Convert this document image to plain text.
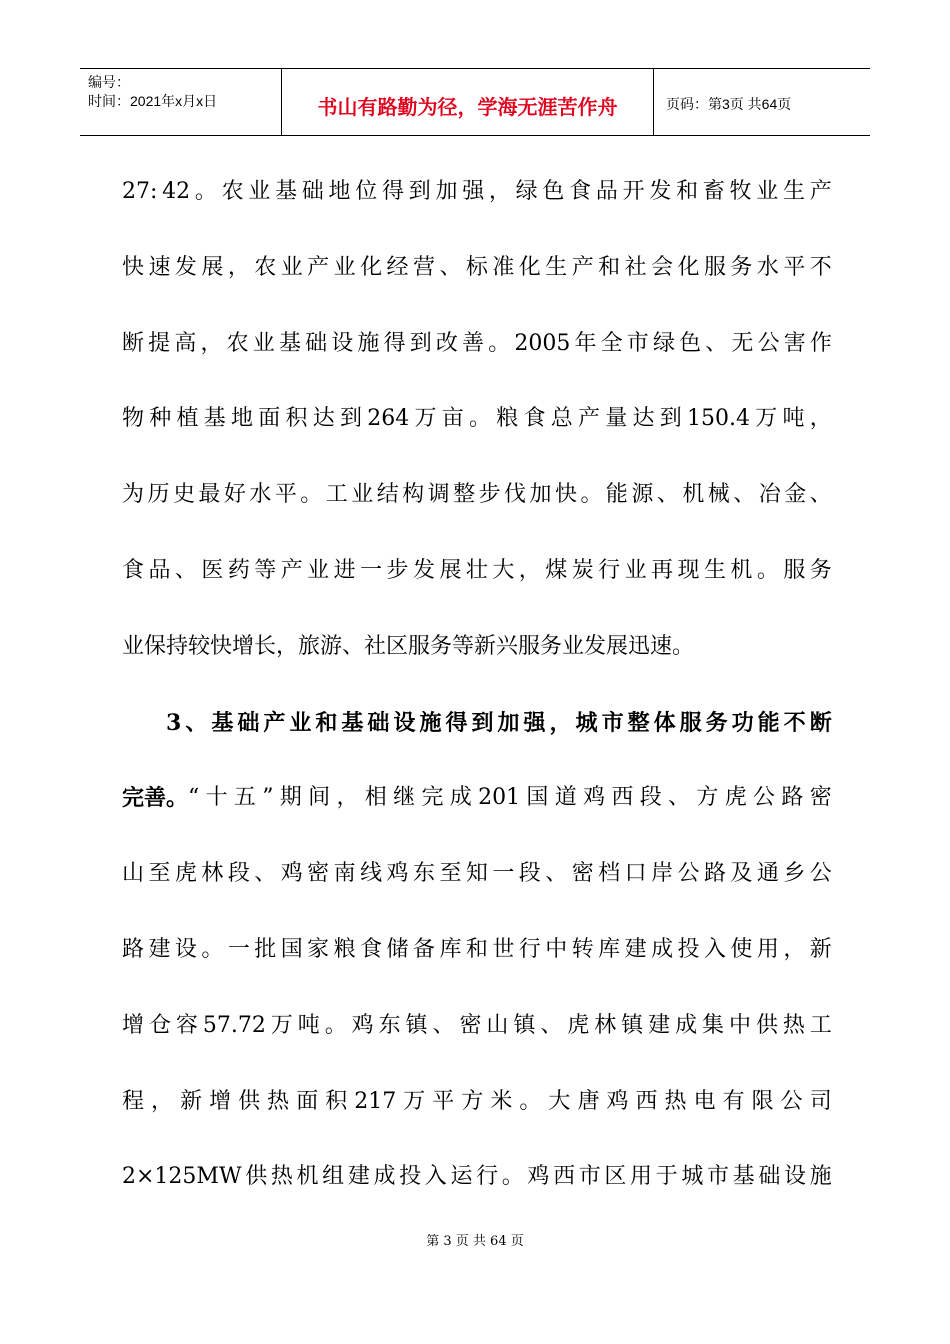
编号：
时间：2021年x月x日	书山有路勤为径，学海无涯苦作舟	页码：第3页 共64页
27: 42 。 农 业 基 础 地 位 得 到 加 强 ， 绿 色 食 品 开 发 和 畜 牧 业 生 产
快 速 发 展 ， 农 业 产 业 化 经 营 、 标 准 化 生 产 和 社 会 化 服 务 水 平 不
断 提 高 ， 农 业 基 础 设 施 得 到 改 善 。 2005 年 全 市 绿 色 、 无 公 害 作
物 种 植 基 地 面 积 达 到 264 万 亩 。 粮 食 总 产 量 达 到 150.4 万 吨 ，
为 历 史 最 好 水 平 。 工 业 结 构 调 整 步 伐 加 快 。 能 源 、 机 械 、 冶 金 、
食 品 、 医 药 等 产 业 进 一 步 发 展 壮 大 ， 煤 炭 行 业 再 现 生 机 。 服 务
业保持较快增长，旅游、社区服务等新兴服务业发展迅速。
3 、 基 础 产 业 和 基 础 设 施 得 到 加 强 ， 城 市 整 体 服 务 功 能 不 断
完善。 “ 十 五 ” 期 间 ， 相 继 完 成 201 国 道 鸡 西 段 、 方 虎 公 路 密
山 至 虎 林 段 、 鸡 密 南 线 鸡 东 至 知 一 段 、 密 档 口 岸 公 路 及 通 乡 公
路 建 设 。 一 批 国 家 粮 食 储 备 库 和 世 行 中 转 库 建 成 投 入 使 用 ， 新
增 仓 容 57.72 万 吨 。 鸡 东 镇 、 密 山 镇 、 虎 林 镇 建 成 集 中 供 热 工
程 ， 新 增 供 热 面 积 217 万 平 方 米 。 大 唐 鸡 西 热 电 有 限 公 司
2×125MW 供 热 机 组 建 成 投 入 运 行 。 鸡 西 市 区 用 于 城 市 基 础 设 施
第 3 页 共 64 页
